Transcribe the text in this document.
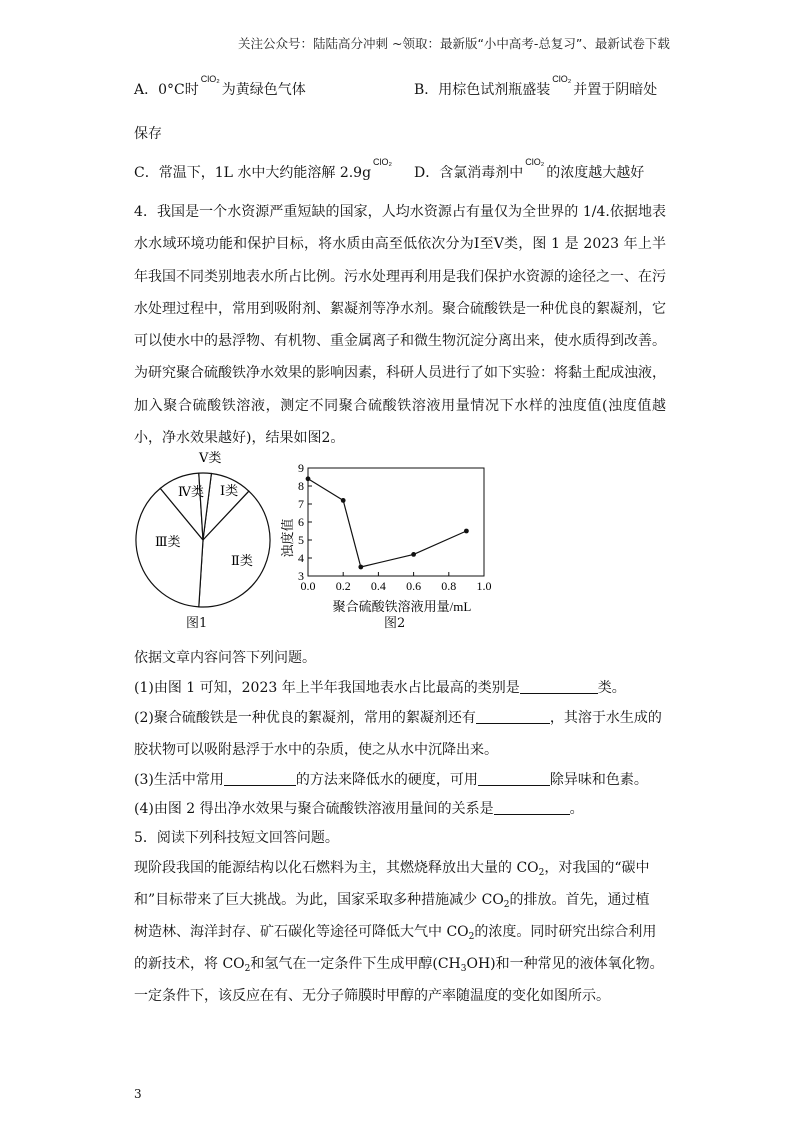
关注公众号：陆陆高分冲刺 ~领取：最新版“小中高考-总复习”、最新试卷下载
A．0°C时$^{ClO_2}$为黄绿色气体	B．用棕色试剂瓶盛装$^{ClO_2}$并置于阴暗处
保存
C．常温下，1L 水中大约能溶解 $2.9g^{ClO_2}$
D．含氯消毒剂中$^{ClO_2}$的浓度越大越好
4．我国是一个水资源严重短缺的国家，人均水资源占有量仅为全世界的 1/4.依据地表水水域环境功能和保护目标，将水质由高至低依次分为Ⅰ至Ⅴ类，图 1 是 2023 年上半年我国不同类别地表水所占比例。污水处理再利用是我们保护水资源的途径之一、在污水处理过程中，常用到吸附剂、絮凝剂等净水剂。聚合硫酸铁是一种优良的絮凝剂，它可以使水中的悬浮物、有机物、重金属离子和微生物沉淀分离出来，使水质得到改善。为研究聚合硫酸铁净水效果的影响因素，科研人员进行了如下实验：将黏土配成浊液，加入聚合硫酸铁溶液，测定不同聚合硫酸铁溶液用量情况下水样的浊度值(浊度值越小，净水效果越好)，结果如图2。
Ⅰ类
Ⅱ类
Ⅲ类
Ⅳ类
Ⅴ类
图1
3
4
5
6
7
8
9
0.0 0.2 0.4 0.6 0.8 1.0
浊度值
聚合硫酸铁溶液用量/mL
图2
依据文章内容问答下列问题。
(1)由图 1 可知，2023 年上半年我国地表水占比最高的类别是	类。
(2)聚合硫酸铁是一种优良的絮凝剂，常用的絮凝剂还有	，其溶于水生成的
胶状物可以吸附悬浮于水中的杂质，使之从水中沉降出来。
(3)生活中常用	的方法来降低水的硬度，可用	除异味和色素。
(4)由图 2 得出净水效果与聚合硫酸铁溶液用量间的关系是	。
5．阅读下列科技短文回答问题。
现阶段我国的能源结构以化石燃料为主，其燃烧释放出大量的 $CO_2$，对我国的“碳中
和”目标带来了巨大挑战。为此，国家采取多种措施减少 $CO_2$的排放。首先，通过植
树造林、海洋封存、矿石碳化等途径可降低大气中 $CO_2$的浓度。同时研究出综合利用
的新技术，将 $CO_2$和氢气在一定条件下生成甲醇$(CH_3OH)$和一种常见的液体氧化物。
一定条件下，该反应在有、无分子筛膜时甲醇的产率随温度的变化如图所示。
3
